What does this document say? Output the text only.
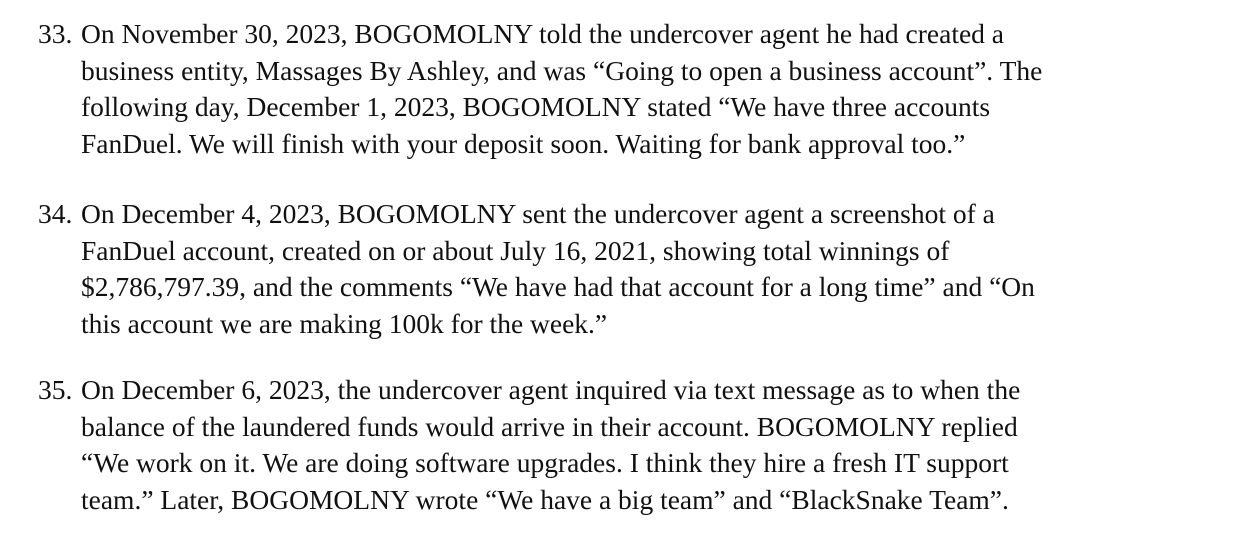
33. On November 30, 2023, BOGOMOLNY told the undercover agent he had created a
business entity, Massages By Ashley, and was “Going to open a business account”. The
following day, December 1, 2023, BOGOMOLNY stated “We have three accounts
FanDuel. We will finish with your deposit soon. Waiting for bank approval too.”

34. On December 4, 2023, BOGOMOLNY sent the undercover agent a screenshot of a
FanDuel account, created on or about July 16, 2021, showing total winnings of
$2,786,797.39, and the comments “We have had that account for a long time” and “On
this account we are making 100k for the week.”

35. On December 6, 2023, the undercover agent inquired via text message as to when the
balance of the laundered funds would arrive in their account. BOGOMOLNY replied
“We work on it. We are doing software upgrades. I think they hire a fresh IT support
team.” Later, BOGOMOLNY wrote “We have a big team” and “BlackSnake Team”.
